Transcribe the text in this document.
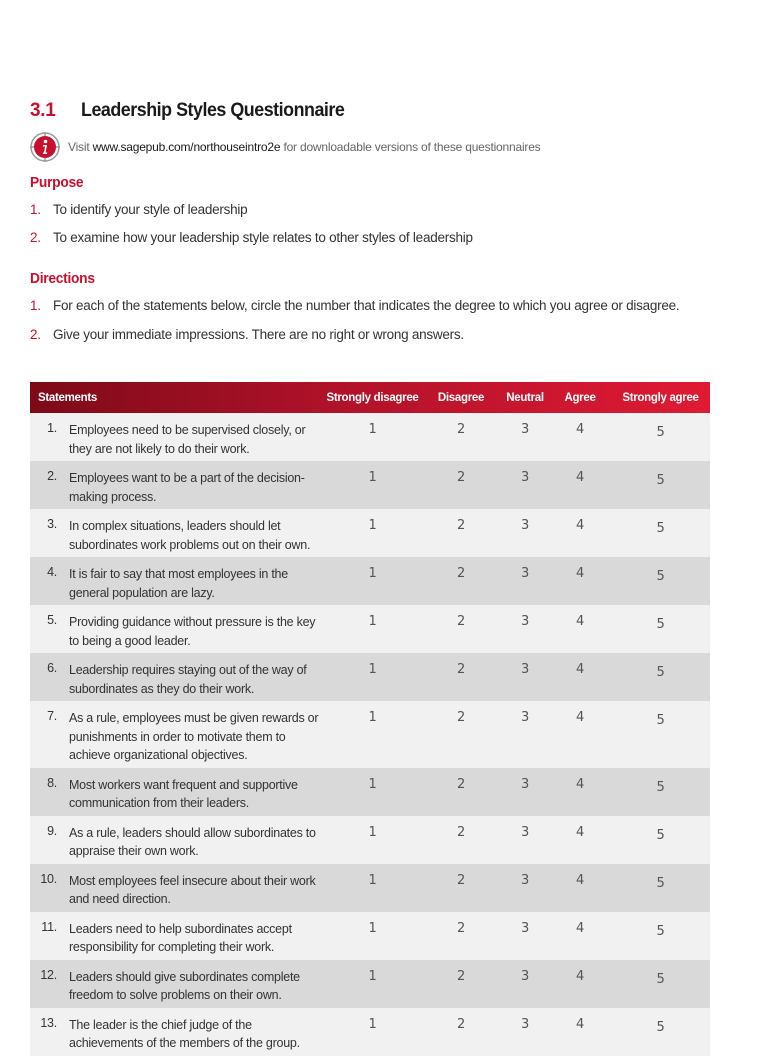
3.1	Leadership Styles Questionnaire
Visit www.sagepub.com/northouseintro2e for downloadable versions of these questionnaires
Purpose
1. To identify your style of leadership
2. To examine how your leadership style relates to other styles of leadership
Directions
1. For each of the statements below, circle the number that indicates the degree to which you agree or disagree.
2. Give your immediate impressions. There are no right or wrong answers.
Statements		Strongly disagree	Disagree	Neutral	Agree	Strongly agree
1.	Employees need to be supervised closely, or they are not likely to do their work.	1	2	3	4	5
2.	Employees want to be a part of the decision-making process.	1	2	3	4	5
3.	In complex situations, leaders should let subordinates work problems out on their own.	1	2	3	4	5
4.	It is fair to say that most employees in the general population are lazy.	1	2	3	4	5
5.	Providing guidance without pressure is the key to being a good leader.	1	2	3	4	5
6.	Leadership requires staying out of the way of subordinates as they do their work.	1	2	3	4	5
7.	As a rule, employees must be given rewards or punishments in order to motivate them to achieve organizational objectives.	1	2	3	4	5
8.	Most workers want frequent and supportive communication from their leaders.	1	2	3	4	5
9.	As a rule, leaders should allow subordinates to appraise their own work.	1	2	3	4	5
10.	Most employees feel insecure about their work and need direction.	1	2	3	4	5
11.	Leaders need to help subordinates accept responsibility for completing their work.	1	2	3	4	5
12.	Leaders should give subordinates complete freedom to solve problems on their own.	1	2	3	4	5
13.	The leader is the chief judge of the achievements of the members of the group.	1	2	3	4	5
